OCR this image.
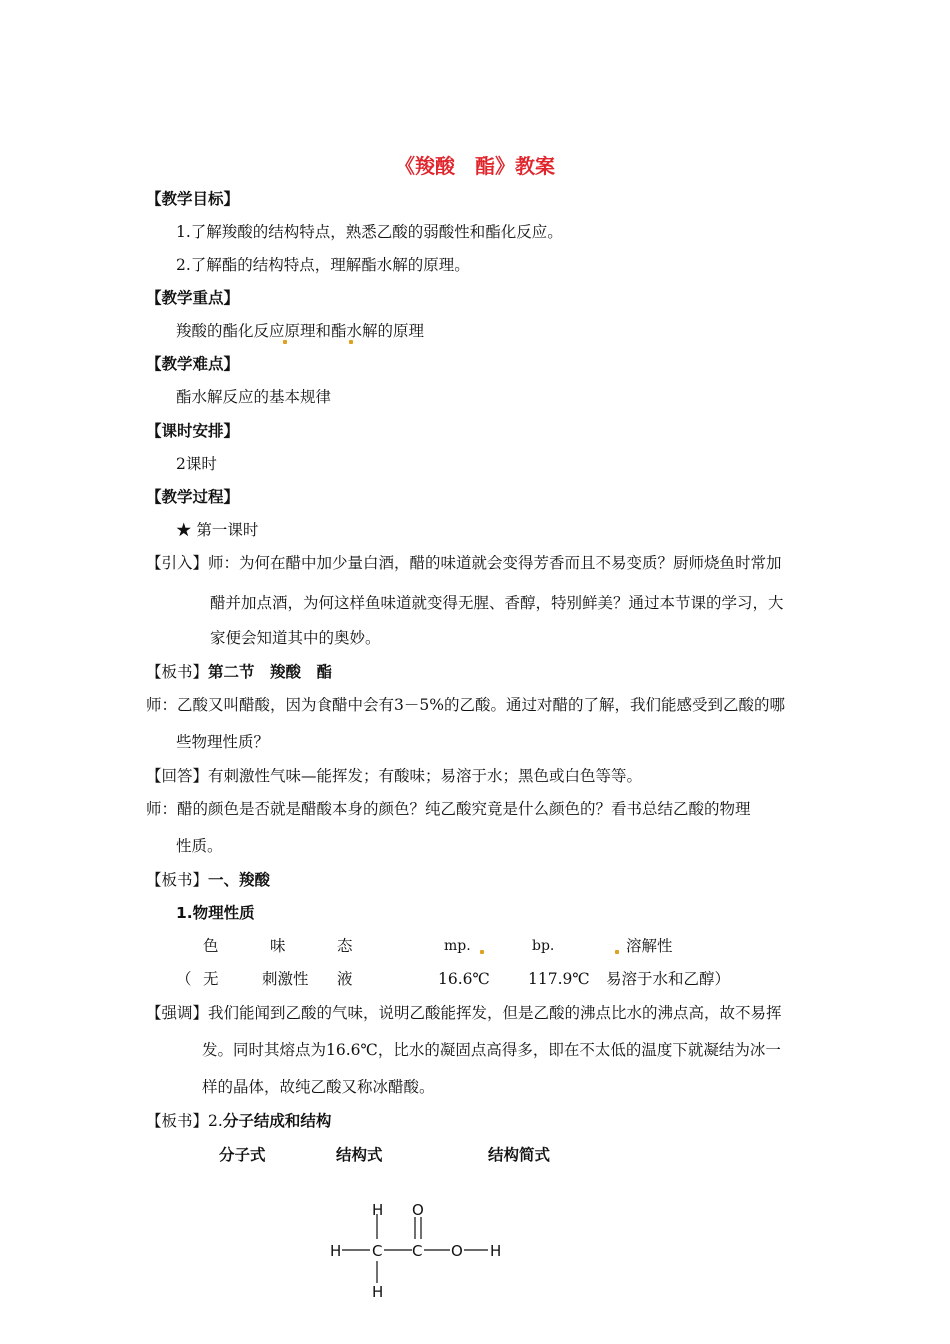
《羧酸　酯》教案
【教学目标】
1.了解羧酸的结构特点，熟悉乙酸的弱酸性和酯化反应。
2.了解酯的结构特点，理解酯水解的原理。
【教学重点】
羧酸的酯化反应原理和酯水解的原理
【教学难点】
酯水解反应的基本规律
【课时安排】
2课时
【教学过程】
★ 第一课时
【引入】师：为何在醋中加少量白酒，醋的味道就会变得芳香而且不易变质？厨师烧鱼时常加
醋并加点酒，为何这样鱼味道就变得无腥、香醇，特别鲜美？通过本节课的学习，大
家便会知道其中的奥妙。
【板书】第二节　羧酸　酯
师：乙酸又叫醋酸，因为食醋中会有3－5%的乙酸。通过对醋的了解，我们能感受到乙酸的哪
些物理性质？
【回答】有刺激性气味—能挥发；有酸味；易溶于水；黑色或白色等等。
师：醋的颜色是否就是醋酸本身的颜色？纯乙酸究竟是什么颜色的？看书总结乙酸的物理
性质。
【板书】一、羧酸
1.物理性质
色	味	态	mp.	bp.	溶解性
（ 无	刺激性 液	16.6℃ 117.9℃ 易溶于水和乙醇）
【强调】我们能闻到乙酸的气味，说明乙酸能挥发，但是乙酸的沸点比水的沸点高，故不易挥
发。同时其熔点为16.6℃，比水的凝固点高得多，即在不太低的温度下就凝结为冰一
样的晶体，故纯乙酸又称冰醋酸。
【板书】2.分子结成和结构
分子式	结构式	结构简式
H O
H C C O H
H
